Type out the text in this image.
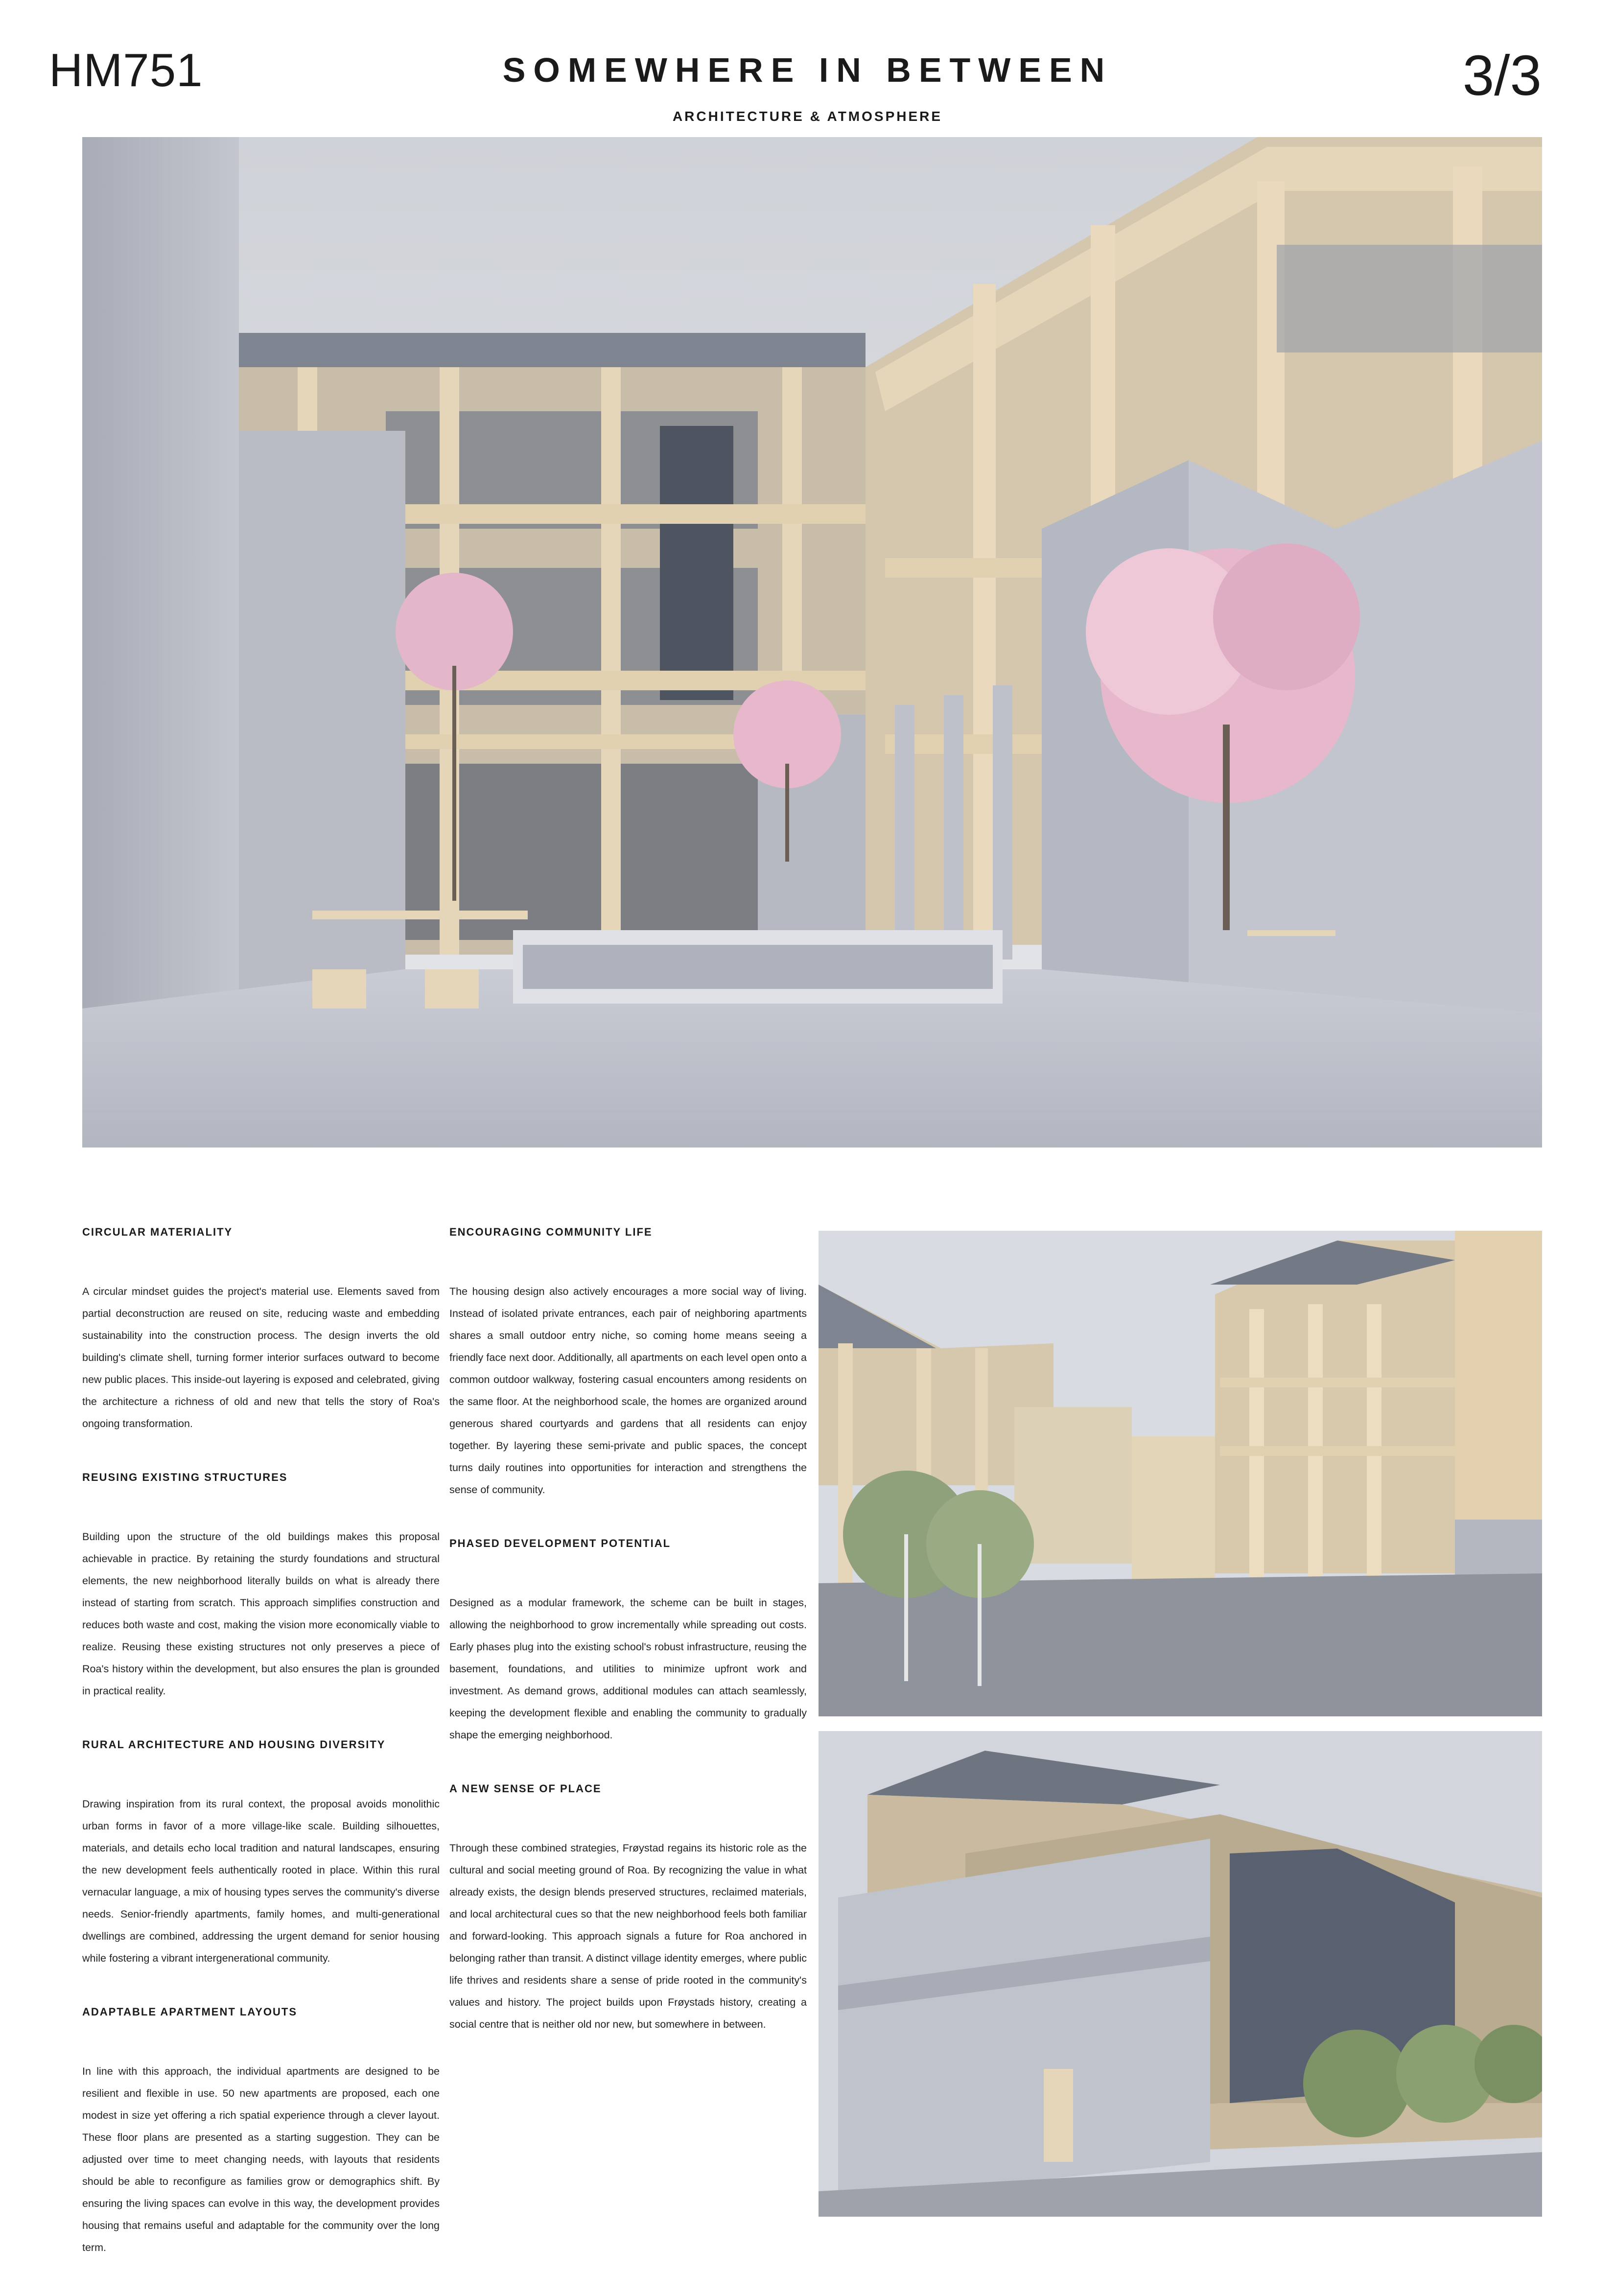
HM751	SOMEWHERE IN BETWEEN
ARCHITECTURE & ATMOSPHERE
3/3
CIRCULAR MATERIALITY
A circular mindset guides the project's material use. Elements saved from partial deconstruction are reused on site, reducing waste and embedding sustainability into the construction process. The design inverts the old building's climate shell, turning former interior surfaces outward to become new public places. This inside-out layering is exposed and celebrated, giving the architecture a richness of old and new that tells the story of Roa's ongoing transformation.
REUSING EXISTING STRUCTURES
Building upon the structure of the old buildings makes this proposal achievable in practice. By retaining the sturdy foundations and structural elements, the new neighborhood literally builds on what is already there instead of starting from scratch. This approach simplifies construction and reduces both waste and cost, making the vision more economically viable to realize. Reusing these existing structures not only preserves a piece of Roa's history within the development, but also ensures the plan is grounded in practical reality.
RURAL ARCHITECTURE AND HOUSING DIVERSITY
Drawing inspiration from its rural context, the proposal avoids monolithic urban forms in favor of a more village-like scale. Building silhouettes, materials, and details echo local tradition and natural landscapes, ensuring the new development feels authentically rooted in place. Within this rural vernacular language, a mix of housing types serves the community's diverse needs. Senior-friendly apartments, family homes, and multi-generational dwellings are combined, addressing the urgent demand for senior housing while fostering a vibrant intergenerational community.
ADAPTABLE APARTMENT LAYOUTS
In line with this approach, the individual apartments are designed to be resilient and flexible in use. 50 new apartments are proposed, each one modest in size yet offering a rich spatial experience through a clever layout. These floor plans are presented as a starting suggestion. They can be adjusted over time to meet changing needs, with layouts that residents should be able to reconfigure as families grow or demographics shift. By ensuring the living spaces can evolve in this way, the development provides housing that remains useful and adaptable for the community over the long term.
ENCOURAGING COMMUNITY LIFE
The housing design also actively encourages a more social way of living. Instead of isolated private entrances, each pair of neighboring apartments shares a small outdoor entry niche, so coming home means seeing a friendly face next door. Additionally, all apartments on each level open onto a common outdoor walkway, fostering casual encounters among residents on the same floor. At the neighborhood scale, the homes are organized around generous shared courtyards and gardens that all residents can enjoy together. By layering these semi-private and public spaces, the concept turns daily routines into opportunities for interaction and strengthens the sense of community.
PHASED DEVELOPMENT POTENTIAL
Designed as a modular framework, the scheme can be built in stages, allowing the neighborhood to grow incrementally while spreading out costs. Early phases plug into the existing school's robust infrastructure, reusing the basement, foundations, and utilities to minimize upfront work and investment. As demand grows, additional modules can attach seamlessly, keeping the development flexible and enabling the community to gradually shape the emerging neighborhood.
A NEW SENSE OF PLACE
Through these combined strategies, Frøystad regains its historic role as the cultural and social meeting ground of Roa. By recognizing the value in what already exists, the design blends preserved structures, reclaimed materials, and local architectural cues so that the new neighborhood feels both familiar and forward-looking. This approach signals a future for Roa anchored in belonging rather than transit. A distinct village identity emerges, where public life thrives and residents share a sense of pride rooted in the community's values and history. The project builds upon Frøystads history, creating a social centre that is neither old nor new, but somewhere in between.
